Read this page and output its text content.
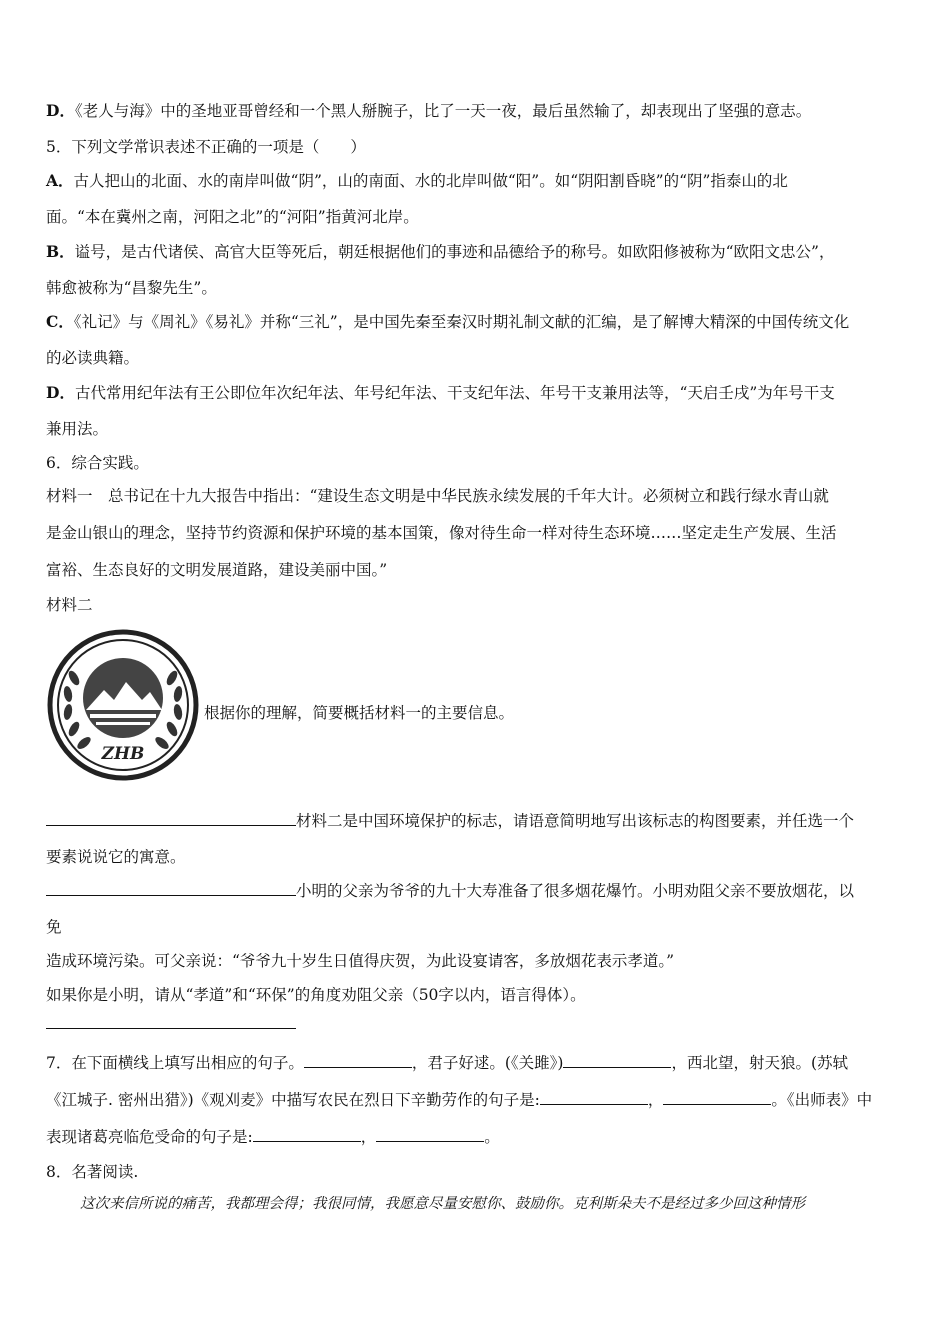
D．《老人与海》中的圣地亚哥曾经和一个黑人掰腕子，比了一天一夜，最后虽然输了，却表现出了坚强的意志。
5．下列文学常识表述不正确的一项是（　　）
A．古人把山的北面、水的南岸叫做“阴”，山的南面、水的北岸叫做“阳”。如“阴阳割昏晓”的“阴”指泰山的北
面。“本在冀州之南，河阳之北”的“河阳”指黄河北岸。
B．谥号，是古代诸侯、高官大臣等死后，朝廷根据他们的事迹和品德给予的称号。如欧阳修被称为“欧阳文忠公”，
韩愈被称为“昌黎先生”。
C．《礼记》与《周礼》《易礼》并称“三礼”，是中国先秦至秦汉时期礼制文献的汇编，是了解博大精深的中国传统文化
的必读典籍。
D．古代常用纪年法有王公即位年次纪年法、年号纪年法、干支纪年法、年号干支兼用法等，“天启壬戌”为年号干支
兼用法。
6．综合实践。
材料一　总书记在十九大报告中指出：“建设生态文明是中华民族永续发展的千年大计。必须树立和践行绿水青山就
是金山银山的理念，坚持节约资源和保护环境的基本国策，像对待生命一样对待生态环境……坚定走生产发展、生活
富裕、生态良好的文明发展道路，建设美丽中国。”
材料二
ZHB
根据你的理解，简要概括材料一的主要信息。
材料二是中国环境保护的标志，请语意简明地写出该标志的构图要素，并任选一个
要素说说它的寓意。
小明的父亲为爷爷的九十大寿准备了很多烟花爆竹。小明劝阻父亲不要放烟花，以
免
造成环境污染。可父亲说：“爷爷九十岁生日值得庆贺，为此设宴请客，多放烟花表示孝道。”
如果你是小明，请从“孝道”和“环保”的角度劝阻父亲（50字以内，语言得体）。
7．在下面横线上填写出相应的句子。	，君子好逑。(《关雎》)	，西北望，射天狼。(苏轼
《江城子. 密州出猎》)《观刈麦》中描写农民在烈日下辛勤劳作的句子是:	，	。《出师表》中
表现诸葛亮临危受命的句子是:	，	。
8．名著阅读.
这次来信所说的痛苦，我都理会得；我很同情，我愿意尽量安慰你、鼓励你。克利斯朵夫不是经过多少回这种情形
